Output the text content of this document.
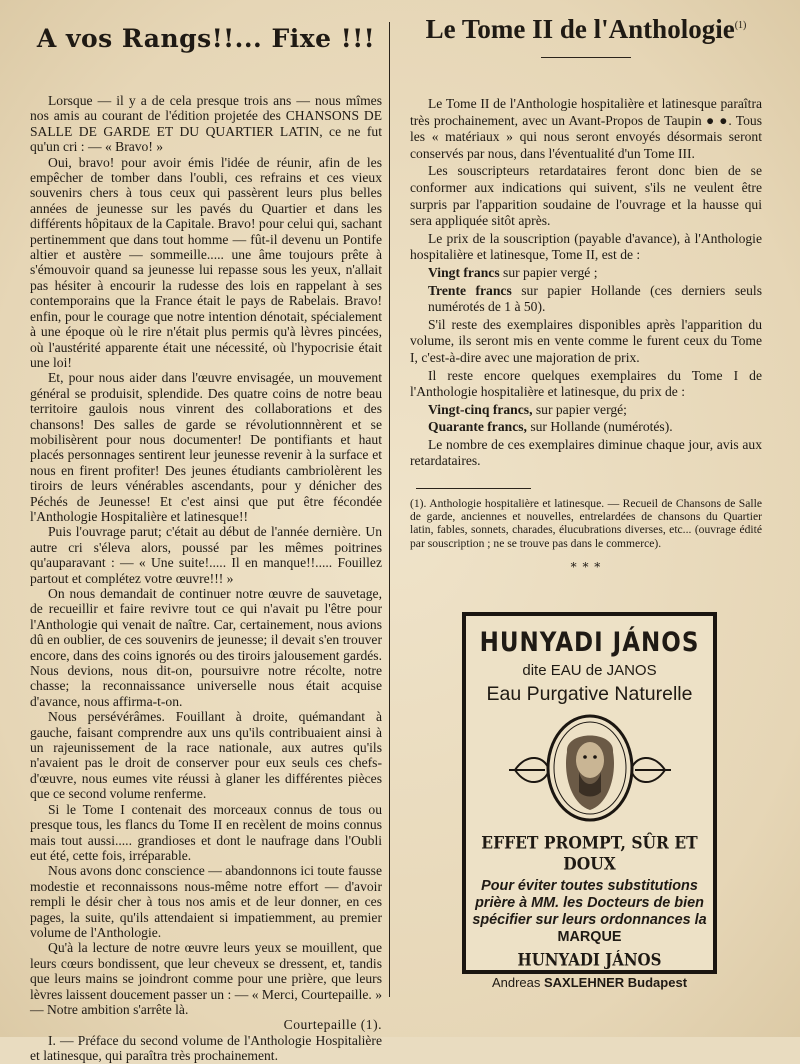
A vos Rangs!!... Fixe !!!

Lorsque — il y a de cela presque trois ans — nous mîmes nos amis au courant de l'édition projetée des CHANSONS DE SALLE DE GARDE ET DU QUARTIER LATIN, ce ne fut qu'un cri : — « Bravo! »

Oui, bravo! pour avoir émis l'idée de réunir, afin de les empêcher de tomber dans l'oubli, ces refrains et ces vieux souvenirs chers à tous ceux qui passèrent leurs plus belles années de jeunesse sur les pavés du Quartier et dans les différents hôpitaux de la Capitale. Bravo! pour celui qui, sachant pertinemment que dans tout homme — fût-il devenu un Pontife altier et austère — sommeille..... une âme toujours prête à s'émouvoir quand sa jeunesse lui repasse sous les yeux, n'allait pas hésiter à encourir la rudesse des lois en rappelant à ses contemporains que la France était le pays de Rabelais. Bravo! enfin, pour le courage que notre intention dénotait, spécialement à une époque où le rire n'était plus permis qu'à lèvres pincées, où l'austérité apparente était une nécessité, où l'hypocrisie était une loi!

Et, pour nous aider dans l'œuvre envisagée, un mouvement général se produisit, splendide. Des quatre coins de notre beau territoire gaulois nous vinrent des collaborations et des chansons! Des salles de garde se révolutionnnèrent et se mobilisèrent pour nous documenter! De pontifiants et haut placés personnages sentirent leur jeunesse revenir à la surface et nous en firent profiter! Des jeunes étudiants cambriolèrent les tiroirs de leurs vénérables ascendants, pour y dénicher des Péchés de Jeunesse! Et c'est ainsi que put être fécondée l'Anthologie Hospitalière et latinesque!!

Puis l'ouvrage parut; c'était au début de l'année dernière. Un autre cri s'éleva alors, poussé par les mêmes poitrines qu'auparavant : — « Une suite!..... Il en manque!!..... Fouillez partout et complétez votre œuvre!!! »

On nous demandait de continuer notre œuvre de sauvetage, de recueillir et faire revivre tout ce qui n'avait pu l'être pour l'Anthologie qui venait de naître. Car, certainement, nous avions dû en oublier, de ces souvenirs de jeunesse; il devait s'en trouver encore, dans des coins ignorés ou des tiroirs jalousement gardés. Nous devions, nous dit-on, poursuivre notre récolte, notre chasse; la reconnaissance universelle nous était acquise d'avance, nous affirma-t-on.

Nous persévérâmes. Fouillant à droite, quémandant à gauche, faisant comprendre aux uns qu'ils contribuaient ainsi à un rajeunissement de la race nationale, aux autres qu'ils n'avaient pas le droit de conserver pour eux seuls ces chefs-d'œuvre, nous eumes vite réussi à glaner les différentes pièces que ce second volume renferme.

Si le Tome I contenait des morceaux connus de tous ou presque tous, les flancs du Tome II en recèlent de moins connus mais tout aussi..... grandioses et dont le naufrage dans l'Oubli eut été, cette fois, irréparable.

Nous avons donc conscience — abandonnons ici toute fausse modestie et reconnaissons nous-même notre effort — d'avoir rempli le désir cher à tous nos amis et de leur donner, en ces pages, la suite, qu'ils attendaient si impatiemment, au premier volume de l'Anthologie.

Qu'à la lecture de notre œuvre leurs yeux se mouillent, que leurs cœurs bondissent, que leur cheveux se dressent, et, tandis que leurs mains se joindront comme pour une prière, que leurs lèvres laissent doucement passer un : — « Merci, Courtepaille. » — Notre ambition s'arrête là.

Courtepaille (1).

I. — Préface du second volume de l'Anthologie Hospitalière et latinesque, qui paraîtra très prochainement.

Le Tome II de l'Anthologie$^{(1)}$

Le Tome II de l'Anthologie hospitalière et latinesque paraîtra très prochainement, avec un Avant-Propos de Taupin ● ●. Tous les « matériaux » qui nous seront envoyés désormais seront conservés par nous, dans l'éventualité d'un Tome III.

Les souscripteurs retardataires feront donc bien de se conformer aux indications qui suivent, s'ils ne veulent être surpris par l'apparition soudaine de l'ouvrage et la hausse qui sera appliquée sitôt après.

Le prix de la souscription (payable d'avance), à l'Anthologie hospitalière et latinesque, Tome II, est de :

Vingt francs sur papier vergé ;

Trente francs sur papier Hollande (ces derniers seuls numérotés de 1 à 50).

S'il reste des exemplaires disponibles après l'apparition du volume, ils seront mis en vente comme le furent ceux du Tome I, c'est-à-dire avec une majoration de prix.

Il reste encore quelques exemplaires du Tome I de l'Anthologie hospitalière et latinesque, du prix de :

Vingt-cinq francs, sur papier vergé;

Quarante francs, sur Hollande (numérotés).

Le nombre de ces exemplaires diminue chaque jour, avis aux retardataires.

(1). Anthologie hospitalière et latinesque. — Recueil de Chansons de Salle de garde, anciennes et nouvelles, entrelardées de chansons du Quartier latin, fables, sonnets, charades, élucubrations diverses, etc... (ouvrage édité par souscription ; ne se trouve pas dans le commerce).
* * *
HUNYADI JÁNOS
dite EAU de JANOS
Eau Purgative Naturelle
EFFET PROMPT, SÛR ET DOUX
Pour éviter toutes substitutions prière à MM. les Docteurs de bien spécifier sur leurs ordonnances la MARQUE
HUNYADI JÁNOS
Andreas SAXLEHNER Budapest
